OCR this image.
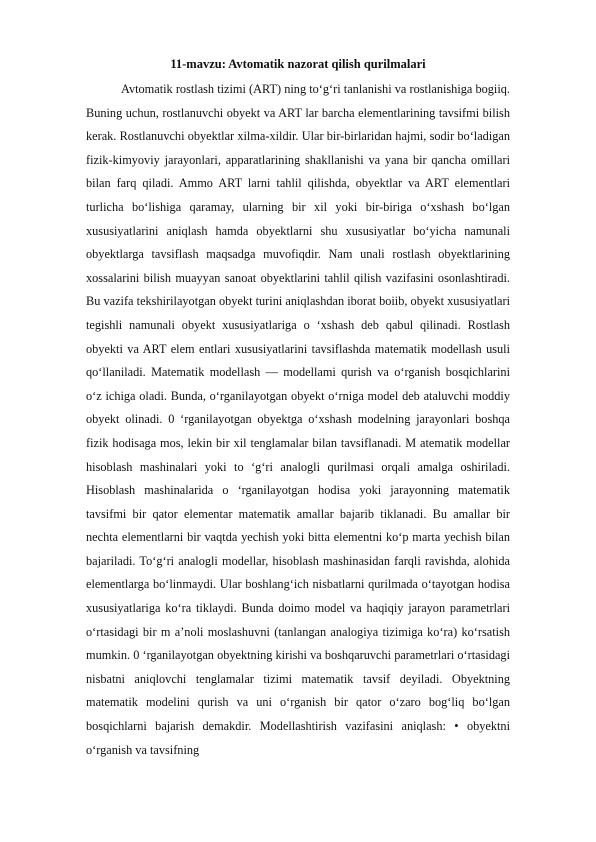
11-mavzu: Avtomatik nazorat qilish qurilmalari

Avtomatik rostlash tizimi (ART) ning to‘g‘ri tanlanishi va rostlanishiga bogiiq. Buning uchun, rostlanuvchi obyekt va ART lar barcha elementlarining tavsifmi bilish kerak. Rostlanuvchi obyektlar xilma-xildir. Ular bir-birlaridan hajmi, sodir bo‘ladigan fizik-kimyoviy jarayonlari, apparatlarining shakllanishi va yana bir qancha omillari bilan farq qiladi. Ammo ART larni tahlil qilishda, obyektlar va ART elementlari turlicha bo‘lishiga qaramay, ularning bir xil yoki bir-biriga o‘xshash bo‘lgan xususiyatlarini aniqlash hamda obyektlarni shu xususiyatlar bo‘yicha namunali obyektlarga tavsiflash maqsadga muvofiqdir. Nam unali rostlash obyektlarining xossalarini bilish muayyan sanoat obyektlarini tahlil qilish vazifasini osonlashtiradi. Bu vazifa tekshirilayotgan obyekt turini aniqlashdan iborat boiib, obyekt xususiyatlari tegishli namunali obyekt xususiyatlariga o ‘xshash deb qabul qilinadi. Rostlash obyekti va ART elem entlari xususiyatlarini tavsiflashda matematik modellash usuli qo‘llaniladi. Matematik modellash — modellami qurish va o‘rganish bosqichlarini o‘z ichiga oladi. Bunda, o‘rganilayotgan obyekt o‘rniga model deb ataluvchi moddiy obyekt olinadi. 0 ‘rganilayotgan obyektga o‘xshash modelning jarayonlari boshqa fizik hodisaga mos, lekin bir xil tenglamalar bilan tavsiflanadi. M atematik modellar hisoblash mashinalari yoki to ‘g‘ri analogli qurilmasi orqali amalga oshiriladi. Hisoblash mashinalarida o ‘rganilayotgan hodisa yoki jarayonning matematik tavsifmi bir qator elementar matematik amallar bajarib tiklanadi. Bu amallar bir nechta elementlarni bir vaqtda yechish yoki bitta elementni ko‘p marta yechish bilan bajariladi. To‘g‘ri analogli modellar, hisoblash mashinasidan farqli ravishda, alohida elementlarga bo‘linmaydi. Ular boshlang‘ich nisbatlarni qurilmada o‘tayotgan hodisa xususiyatlariga ko‘ra tiklaydi. Bunda doimo model va haqiqiy jarayon parametrlari o‘rtasidagi bir m a’noli moslashuvni (tanlangan analogiya tizimiga ko‘ra) ko‘rsatish mumkin. 0 ‘rganilayotgan obyektning kirishi va boshqaruvchi parametrlari o‘rtasidagi nisbatni aniqlovchi tenglamalar tizimi matematik tavsif deyiladi. Obyektning matematik modelini qurish va uni o‘rganish bir qator o‘zaro bog‘liq bo‘lgan bosqichlarni bajarish demakdir. Modellashtirish vazifasini aniqlash: • obyektni o‘rganish va tavsifning
